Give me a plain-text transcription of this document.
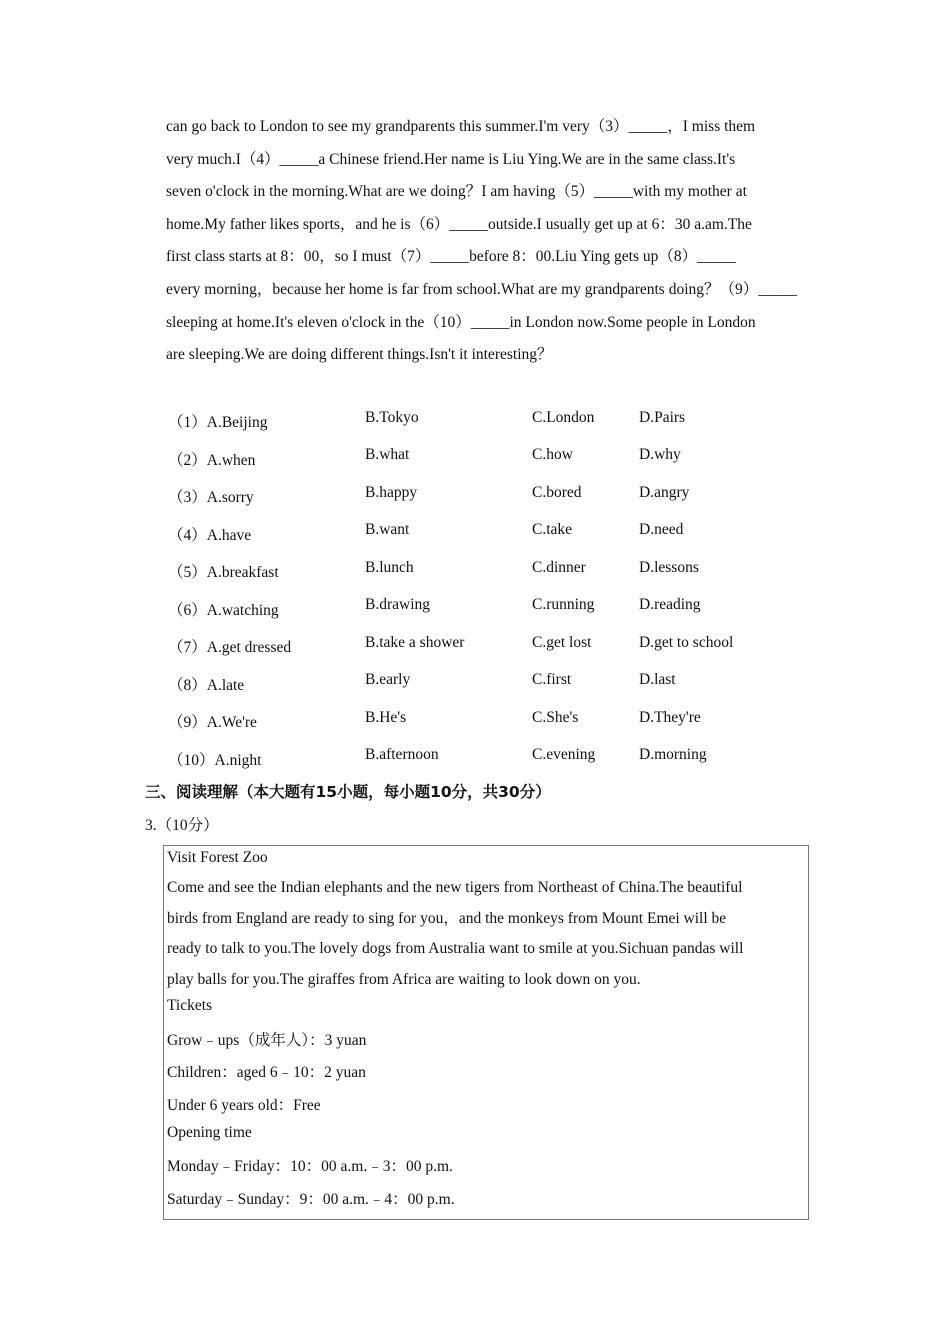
can go back to London to see my grandparents this summer.I'm very（3）_____，I miss them
very much.I（4）_____a Chinese friend.Her name is Liu Ying.We are in the same class.It's
seven o'clock in the morning.What are we doing？I am having（5）_____with my mother at
home.My father likes sports，and he is（6）_____outside.I usually get up at 6：30 a.am.The
first class starts at 8：00，so I must（7）_____before 8：00.Liu Ying gets up（8）_____
every morning，because her home is far from school.What are my grandparents doing？（9）_____
sleeping at home.It's eleven o'clock in the（10）_____in London now.Some people in London
are sleeping.We are doing different things.Isn't it interesting？
（1）A.Beijing	B.Tokyo	C.London	D.Pairs
（2）A.when	B.what	C.how	D.why
（3）A.sorry	B.happy	C.bored	D.angry
（4）A.have	B.want	C.take	D.need
（5）A.breakfast	B.lunch	C.dinner	D.lessons
（6）A.watching	B.drawing	C.running	D.reading
（7）A.get dressed	B.take a shower	C.get lost	D.get to school
（8）A.late	B.early	C.first	D.last
（9）A.We're	B.He's	C.She's	D.They're
（10）A.night	B.afternoon	C.evening	D.morning
三、阅读理解（本大题有15小题，每小题10分，共30分）
3.（10分）
Visit Forest Zoo
Come and see the Indian elephants and the new tigers from Northeast of China.The beautiful
birds from England are ready to sing for you，and the monkeys from Mount Emei will be
ready to talk to you.The lovely dogs from Australia want to smile at you.Sichuan pandas will
play balls for you.The giraffes from Africa are waiting to look down on you.
Tickets
Grow﹣ups（成年人）：3 yuan
Children：aged 6﹣10：2 yuan
Under 6 years old：Free
Opening time
Monday﹣Friday：10：00 a.m.﹣3：00 p.m.
Saturday﹣Sunday：9：00 a.m.﹣4：00 p.m.
